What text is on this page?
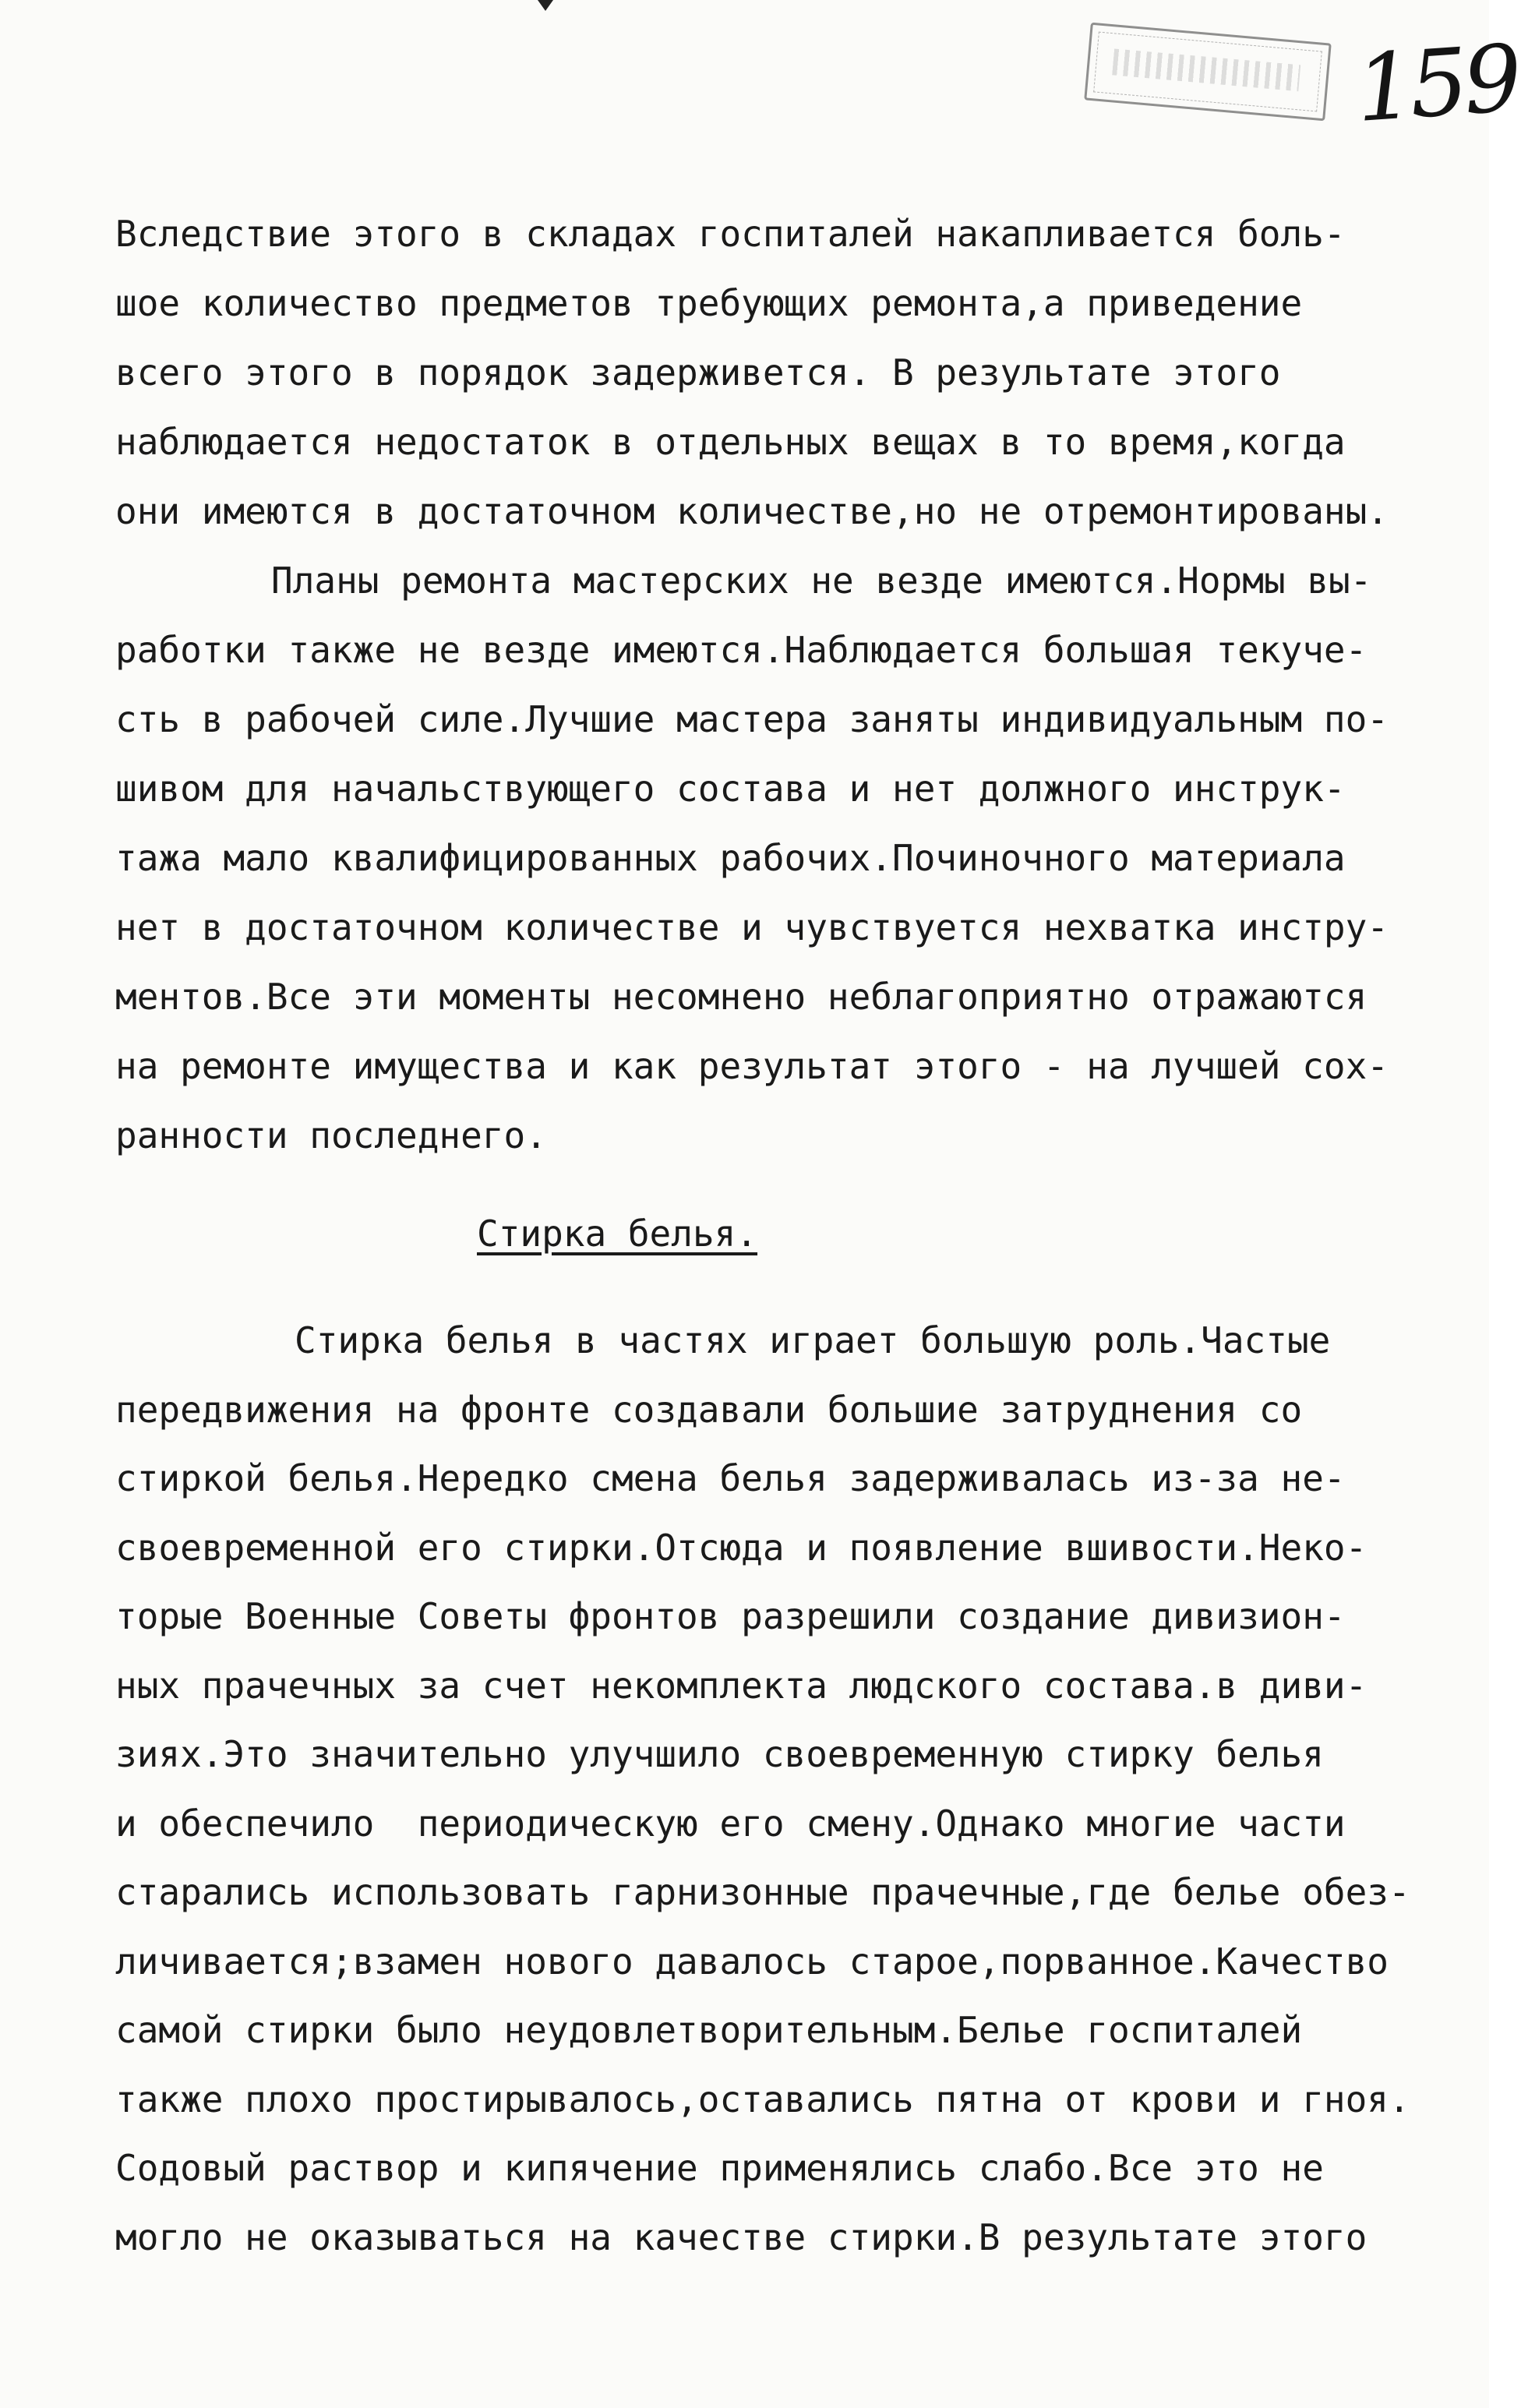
159
Вследствие этого в складах госпиталей накапливается боль-
шое количество предметов требующих ремонта,а приведение
всего этого в порядок задерживется. В результате этого
наблюдается недостаток в отдельных вещах в то время,когда
они имеются в достаточном количестве,но не отремонтированы.
Планы ремонта мастерских не везде имеются.Нормы вы-
работки также не везде имеются.Наблюдается большая текуче-
сть в рабочей силе.Лучшие мастера заняты индивидуальным по-
шивом для начальствующего состава и нет должного инструк-
тажа мало квалифицированных рабочих.Починочного материала
нет в достаточном количестве и чувствуется нехватка инстру-
ментов.Все эти моменты несомнено неблагоприятно отражаются
на ремонте имущества и как результат этого - на лучшей сох-
ранности последнего.
Стирка белья.
Стирка белья в частях играет большую роль.Частые
передвижения на фронте создавали большие затруднения со
стиркой белья.Нередко смена белья задерживалась из-за не-
своевременной его стирки.Отсюда и появление вшивости.Неко-
торые Военные Советы фронтов разрешили создание дивизион-
ных прачечных за счет некомплекта людского состава.в диви-
зиях.Это значительно улучшило своевременную стирку белья
и обеспечило  периодическую его смену.Однако многие части
старались использовать гарнизонные прачечные,где белье обез-
личивается;взамен нового давалось старое,порванное.Качество
самой стирки было неудовлетворительным.Белье госпиталей
также плохо простирывалось,оставались пятна от крови и гноя.
Содовый раствор и кипячение применялись слабо.Все это не
могло не оказываться на качестве стирки.В результате этого
